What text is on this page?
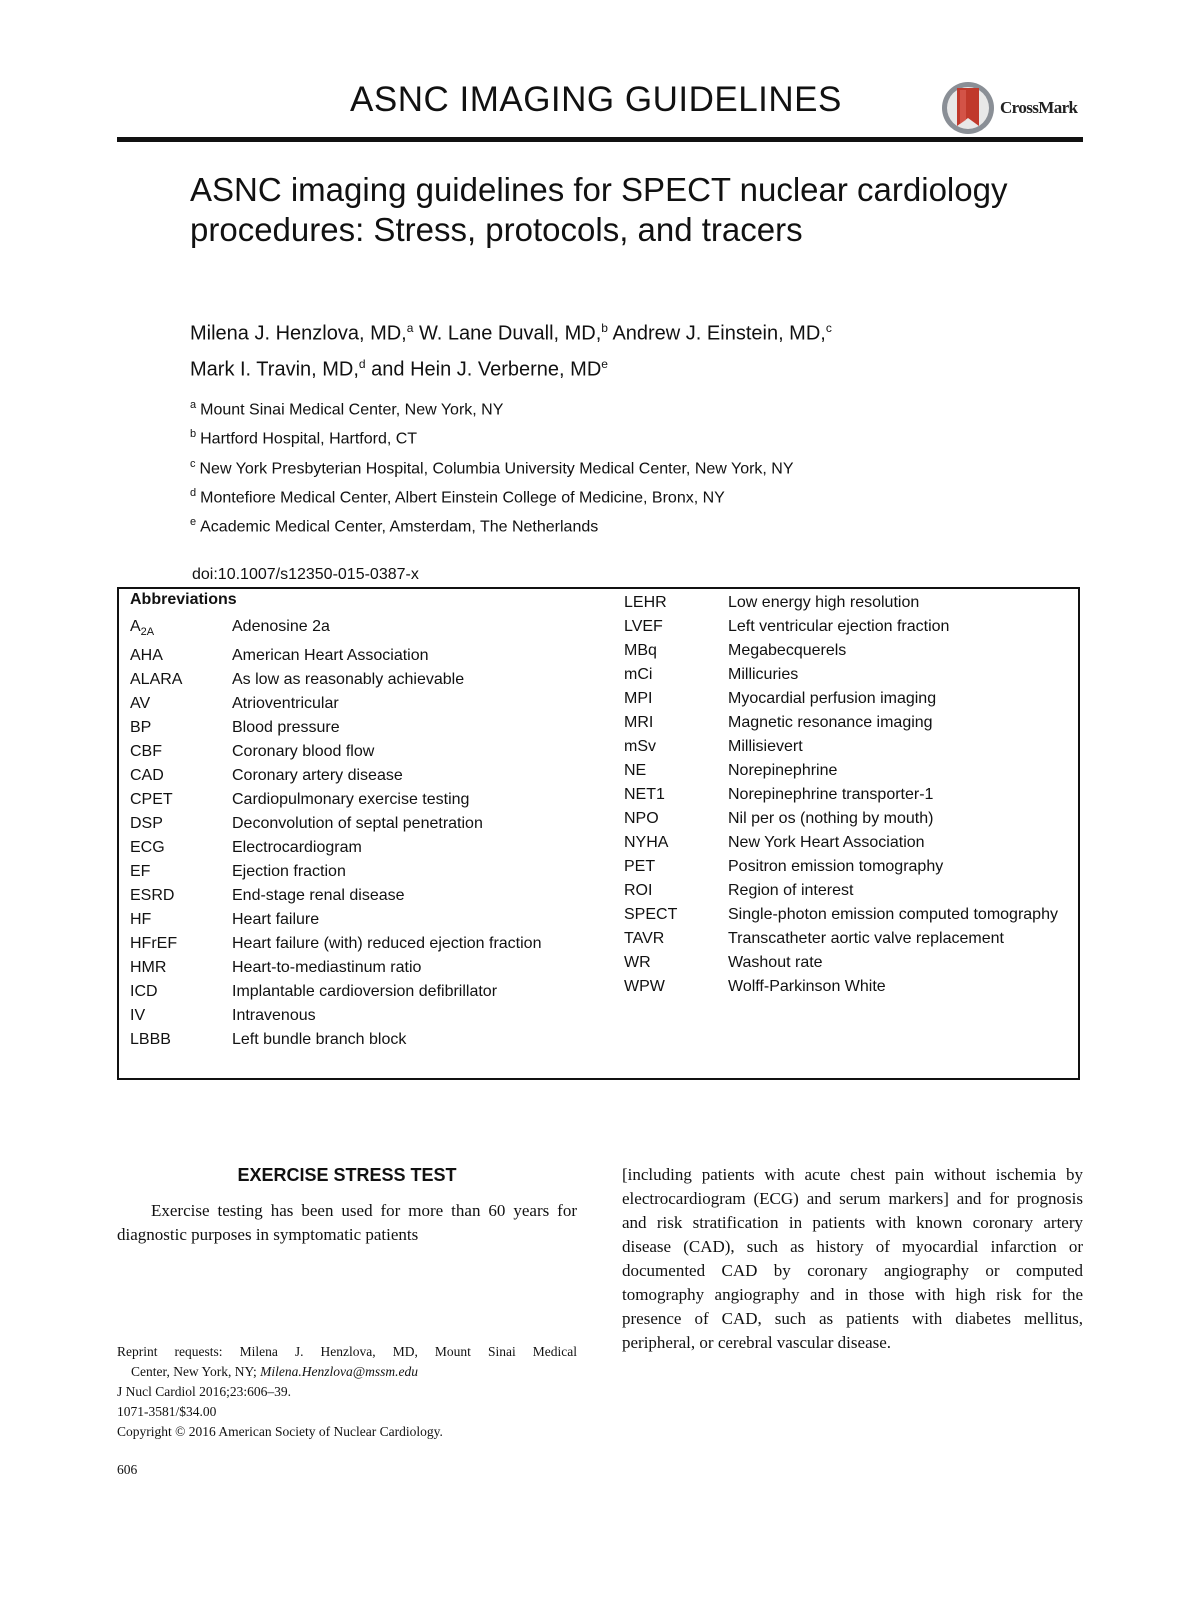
ASNC IMAGING GUIDELINES	CrossMark
ASNC imaging guidelines for SPECT nuclear cardiology procedures: Stress, protocols, and tracers
Milena J. Henzlova, MD,$^a$ W. Lane Duvall, MD,$^b$ Andrew J. Einstein, MD,$^c$
Mark I. Travin, MD,$^d$ and Hein J. Verberne, MDe
$^a$ Mount Sinai Medical Center, New York, NY
$^b$ Hartford Hospital, Hartford, CT
$^c$ New York Presbyterian Hospital, Columbia University Medical Center, New York, NY
$^d$ Montefiore Medical Center, Albert Einstein College of Medicine, Bronx, NY
$^e$ Academic Medical Center, Amsterdam, The Netherlands
doi:10.1007/s12350-015-0387-x
Abbreviations
$A_{2A}$	Adenosine 2a
AHA	American Heart Association
ALARA	As low as reasonably achievable
AV	Atrioventricular
BP	Blood pressure
CBF	Coronary blood flow
CAD	Coronary artery disease
CPET	Cardiopulmonary exercise testing
DSP	Deconvolution of septal penetration
ECG	Electrocardiogram
EF	Ejection fraction
ESRD	End-stage renal disease
HF	Heart failure
HFrEF	Heart failure (with) reduced ejection fraction
HMR	Heart-to-mediastinum ratio
ICD	Implantable cardioversion defibrillator
IV	Intravenous
LBBB	Left bundle branch block
LEHR	Low energy high resolution
LVEF	Left ventricular ejection fraction
MBq	Megabecquerels
mCi	Millicuries
MPI	Myocardial perfusion imaging
MRI	Magnetic resonance imaging
mSv	Millisievert
NE	Norepinephrine
NET1	Norepinephrine transporter-1
NPO	Nil per os (nothing by mouth)
NYHA	New York Heart Association
PET	Positron emission tomography
ROI	Region of interest
SPECT	Single-photon emission computed tomography
TAVR	Transcatheter aortic valve replacement
WR	Washout rate
WPW	Wolff-Parkinson White
EXERCISE STRESS TEST

Exercise testing has been used for more than 60 years for diagnostic purposes in symptomatic patients

[including patients with acute chest pain without ischemia by electrocardiogram (ECG) and serum markers] and for prognosis and risk stratification in patients with known coronary artery disease (CAD), such as history of myocardial infarction or documented CAD by coronary angiography or computed tomography angiography and in those with high risk for the presence of CAD, such as patients with diabetes mellitus, peripheral, or cerebral vascular disease.

Reprint requests: Milena J. Henzlova, MD, Mount Sinai Medical
Center, New York, NY; Milena.Henzlova@mssm.edu
J Nucl Cardiol 2016;23:606–39.
1071-3581/$34.00
Copyright © 2016 American Society of Nuclear Cardiology.
606
